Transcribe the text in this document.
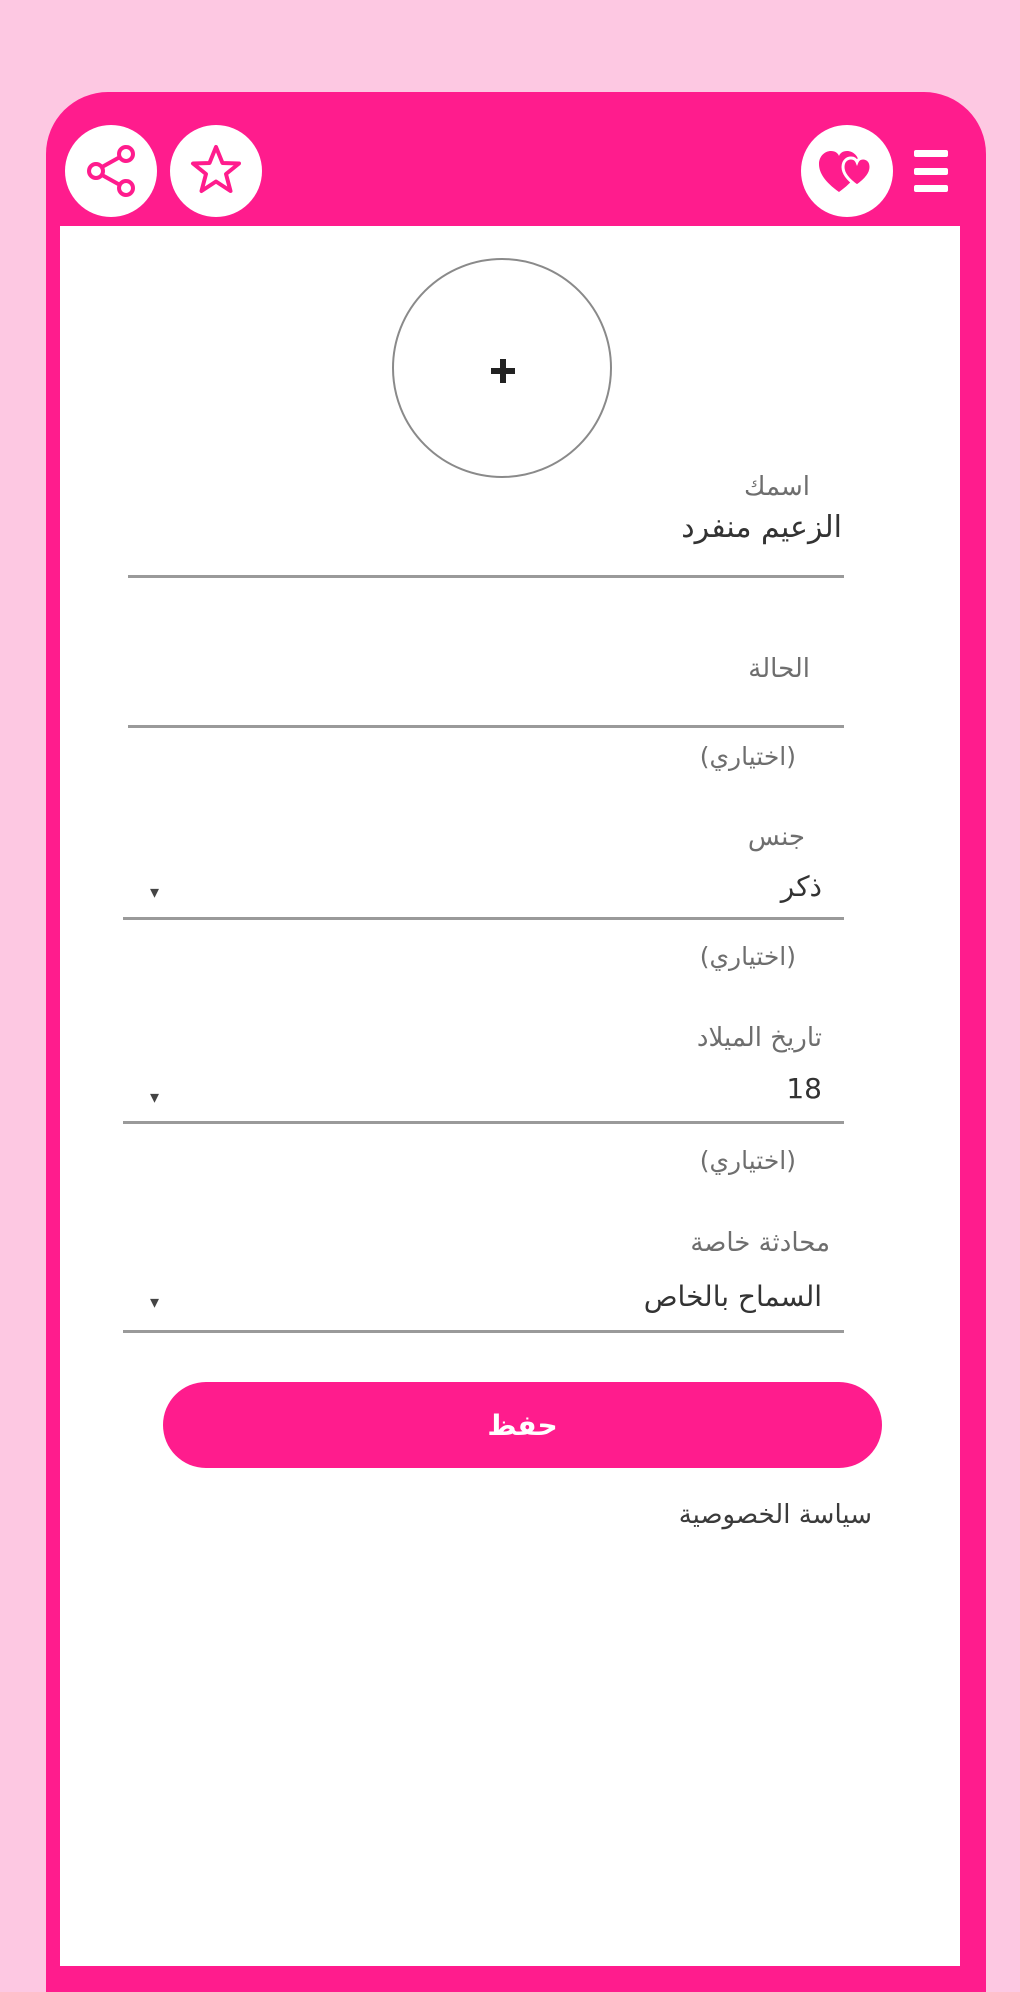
اسمك
الزعيم منفرد
الحالة
(اختياري)
جنس
ذكر
▾
(اختياري)
تاريخ الميلاد
18
▾
(اختياري)
محادثة خاصة
السماح بالخاص
▾
حفظ
سياسة الخصوصية
